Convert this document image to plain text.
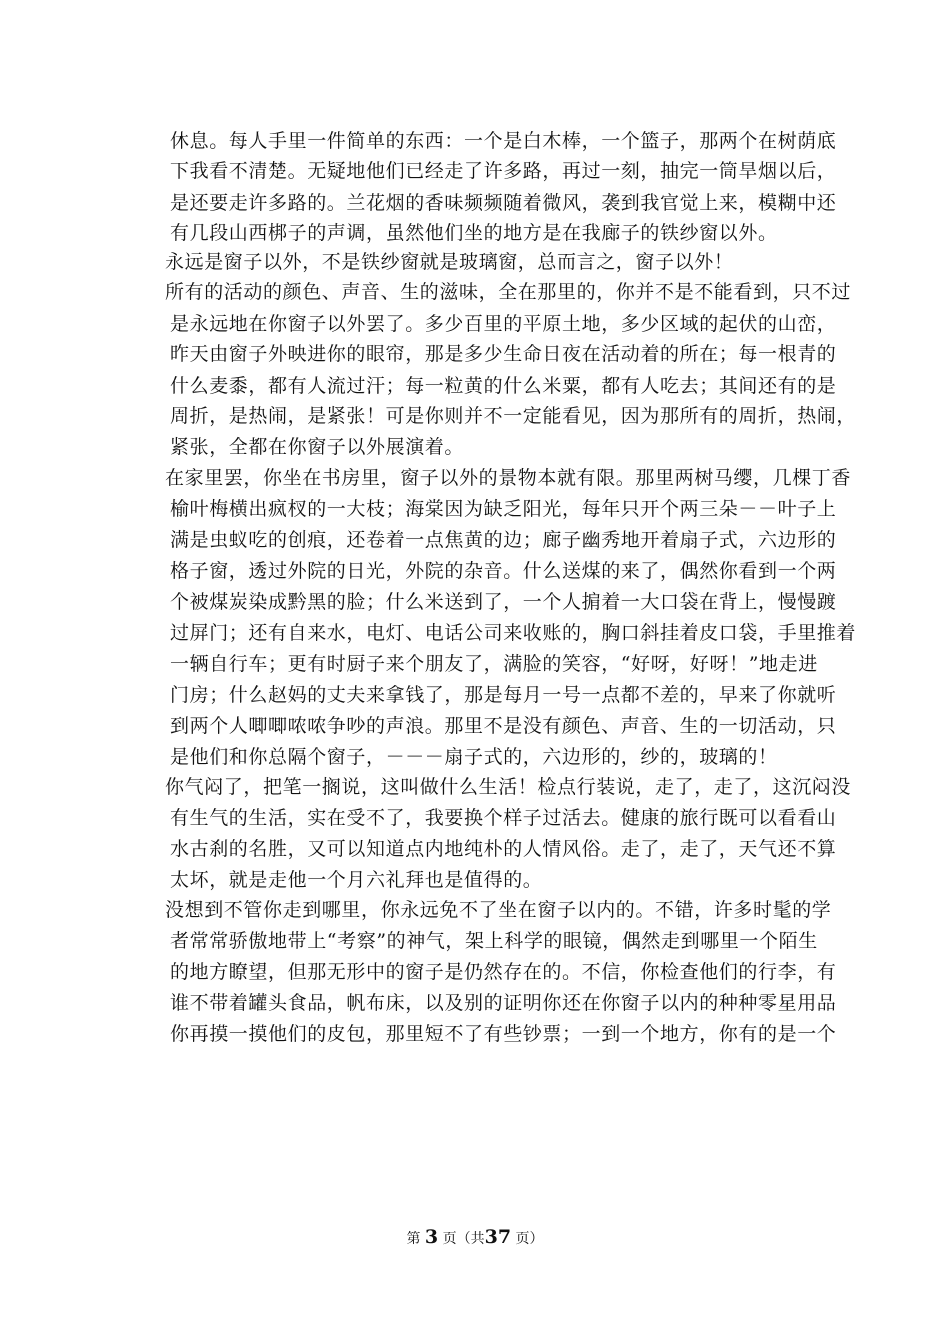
休息。每人手里一件简单的东西：一个是白木棒，一个篮子，那两个在树荫底
下我看不清楚。无疑地他们已经走了许多路，再过一刻，抽完一筒旱烟以后，
是还要走许多路的。兰花烟的香味频频随着微风，袭到我官觉上来，模糊中还
有几段山西梆子的声调，虽然他们坐的地方是在我廊子的铁纱窗以外。
永远是窗子以外，不是铁纱窗就是玻璃窗，总而言之，窗子以外！
所有的活动的颜色、声音、生的滋味，全在那里的，你并不是不能看到，只不过
是永远地在你窗子以外罢了。多少百里的平原土地，多少区域的起伏的山峦，
昨天由窗子外映进你的眼帘，那是多少生命日夜在活动着的所在；每一根青的
什么麦黍，都有人流过汗；每一粒黄的什么米粟，都有人吃去；其间还有的是
周折，是热闹，是紧张！可是你则并不一定能看见，因为那所有的周折，热闹，
紧张，全都在你窗子以外展演着。
在家里罢，你坐在书房里，窗子以外的景物本就有限。那里两树马缨，几棵丁香
榆叶梅横出疯杈的一大枝；海棠因为缺乏阳光，每年只开个两三朵－－叶子上
满是虫蚁吃的创痕，还卷着一点焦黄的边；廊子幽秀地开着扇子式，六边形的
格子窗，透过外院的日光，外院的杂音。什么送煤的来了，偶然你看到一个两
个被煤炭染成黔黑的脸；什么米送到了，一个人掮着一大口袋在背上，慢慢踱
过屏门；还有自来水，电灯、电话公司来收账的，胸口斜挂着皮口袋，手里推着
一辆自行车；更有时厨子来个朋友了，满脸的笑容，“好呀，好呀！”地走进
门房；什么赵妈的丈夫来拿钱了，那是每月一号一点都不差的，早来了你就听
到两个人唧唧哝哝争吵的声浪。那里不是没有颜色、声音、生的一切活动，只
是他们和你总隔个窗子，－－－扇子式的，六边形的，纱的，玻璃的！
你气闷了，把笔一搁说，这叫做什么生活！检点行装说，走了，走了，这沉闷没
有生气的生活，实在受不了，我要换个样子过活去。健康的旅行既可以看看山
水古刹的名胜，又可以知道点内地纯朴的人情风俗。走了，走了，天气还不算
太坏，就是走他一个月六礼拜也是值得的。
没想到不管你走到哪里，你永远免不了坐在窗子以内的。不错，许多时髦的学
者常常骄傲地带上“考察”的神气，架上科学的眼镜，偶然走到哪里一个陌生
的地方瞭望，但那无形中的窗子是仍然存在的。不信，你检查他们的行李，有
谁不带着罐头食品，帆布床，以及别的证明你还在你窗子以内的种种零星用品
你再摸一摸他们的皮包，那里短不了有些钞票；一到一个地方，你有的是一个
第 3 页（共37 页）
